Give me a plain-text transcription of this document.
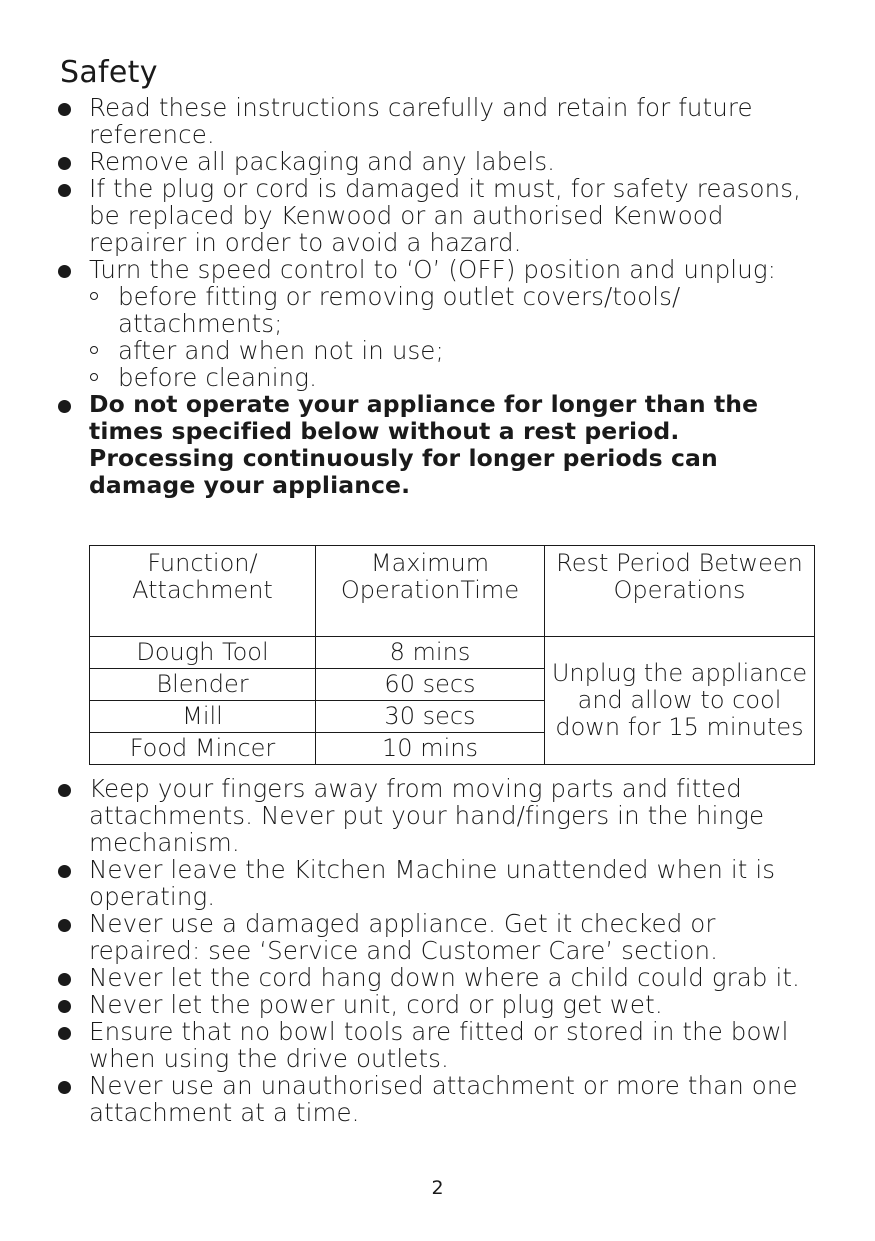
Safety
Read these instructions carefully and retain for future reference.
Remove all packaging and any labels.
If the plug or cord is damaged it must, for safety reasons, be replaced by Kenwood or an authorised Kenwood repairer in order to avoid a hazard.
Turn the speed control to ‘O’ (OFF) position and unplug:
before fitting or removing outlet covers/tools/ attachments;
after and when not in use;
before cleaning.
Do not operate your appliance for longer than the times specified below without a rest period. Processing continuously for longer periods can damage your appliance.
Function/ Attachment	Maximum OperationTime	Rest Period Between Operations
Dough Tool	8 mins	Unplug the appliance and allow to cool down for 15 minutes
Blender	60 secs	
Mill	30 secs	
Food Mincer	10 mins	
Keep your fingers away from moving parts and fitted attachments. Never put your hand/fingers in the hinge mechanism.
Never leave the Kitchen Machine unattended when it is operating.
Never use a damaged appliance. Get it checked or repaired: see ‘Service and Customer Care’ section.
Never let the cord hang down where a child could grab it.
Never let the power unit, cord or plug get wet.
Ensure that no bowl tools are fitted or stored in the bowl when using the drive outlets.
Never use an unauthorised attachment or more than one attachment at a time.
2
